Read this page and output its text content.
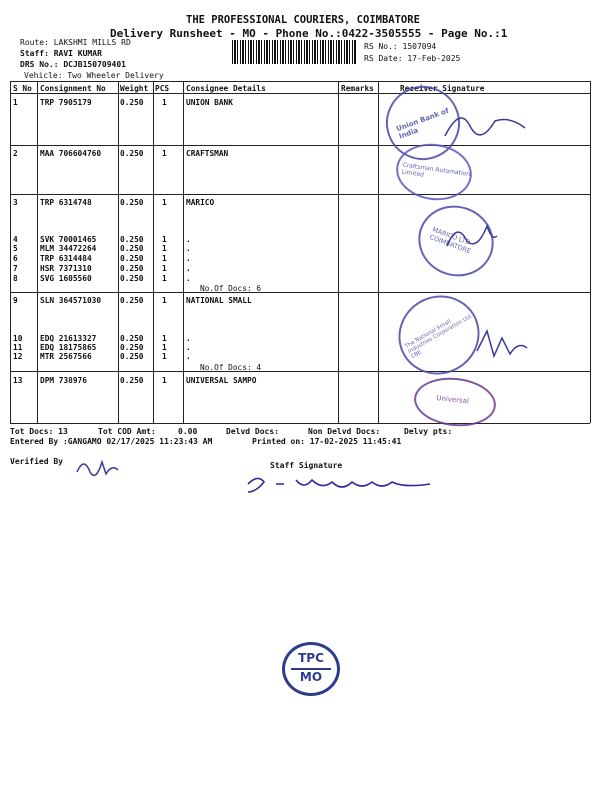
THE PROFESSIONAL COURIERS, COIMBATORE
Delivery Runsheet - MO - Phone No.:0422-3505555 - Page No.:1
Route: LAKSHMI MILLS RD
Staff: RAVI KUMAR
DRS No.: DCJB150709401
Vehicle: Two Wheeler Delivery
RS No.: 1507094
RS Date: 17-Feb-2025
S No Consignment No Weight PCS Consignee Details	Remarks	Receiver Signature
1	TRP 7905179	0.250 1 UNION BANK
2	MAA 706604760 0.250 1 CRAFTSMAN
3	TRP 6314748	0.250 1 MARICO
4	SVK 70001465	0.250 1 .
5	MLM 34472264	0.250 1 .
6	TRP 6314484	0.250 1 .
7	HSR 7371310	0.250 1 .
8	SVG 1605560	0.250 1 .
No.Of Docs: 6
9	SLN 364571030 0.250 1 NATIONAL SMALL
10 EDQ 21613327	0.250 1 .
11 EDQ 18175865	0.250 1 .
12 MTR 2567566	0.250 1 .
No.Of Docs: 4
13 DPM 738976	0.250 1 UNIVERSAL SAMPO
Union Bank of India
Craftsman Automation Limited
MARICO LTD COIMBATORE
The National Small Industries Corporation Ltd. CBE
Universal
Tot Docs: 13	Tot COD Amt:	0.00	Delvd Docs:	Non Delvd Docs:	Delvy pts:
Entered By :GANGAMO 02/17/2025 11:23:43 AM	Printed on: 17-02-2025 11:45:41
Verified By	Staff Signature
TPC
MO
